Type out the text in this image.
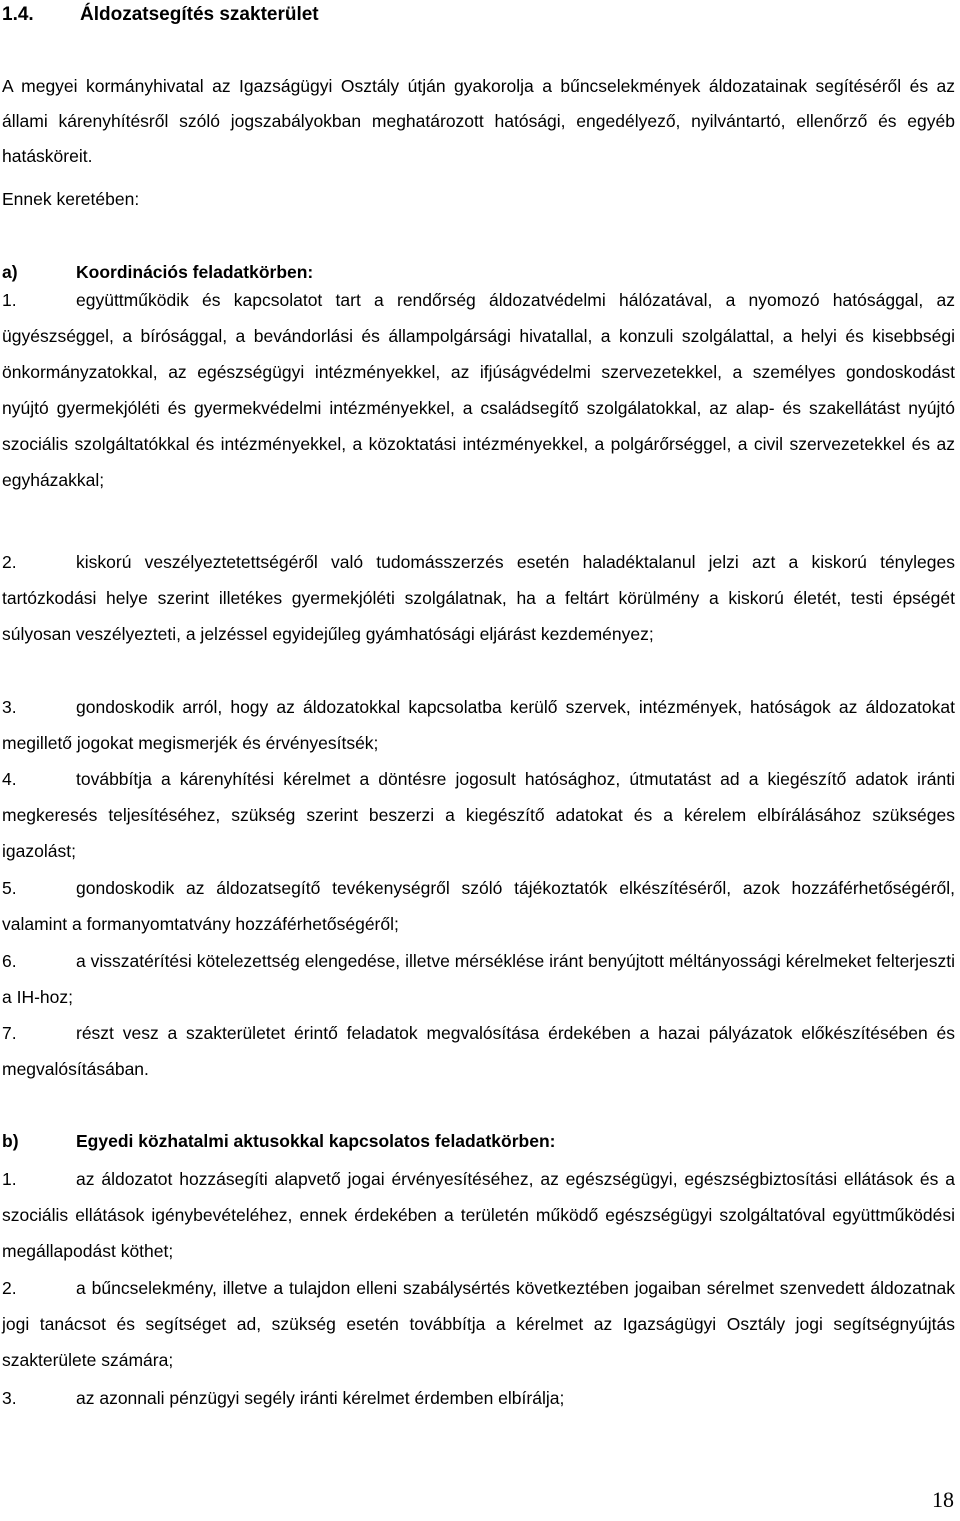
1.4. Áldozatsegítés szakterület
A megyei kormányhivatal az Igazságügyi Osztály útján gyakorolja a bűncselekmények áldozatainak segítéséről és az állami kárenyhítésről szóló jogszabályokban meghatározott hatósági, engedélyező, nyilvántartó, ellenőrző és egyéb hatásköreit.
Ennek keretében:
a)	Koordinációs feladatkörben:
1.	együttműködik és kapcsolatot tart a rendőrség áldozatvédelmi hálózatával, a nyomozó hatósággal, az ügyészséggel, a bírósággal, a bevándorlási és állampolgársági hivatallal, a konzuli szolgálattal, a helyi és kisebbségi önkormányzatokkal, az egészségügyi intézményekkel, az ifjúságvédelmi szervezetekkel, a személyes gondoskodást nyújtó gyermekjóléti és gyermekvédelmi intézményekkel, a családsegítő szolgálatokkal, az alap- és szakellátást nyújtó szociális szolgáltatókkal és intézményekkel, a közoktatási intézményekkel, a polgárőrséggel, a civil szervezetekkel és az egyházakkal;
2.	kiskorú veszélyeztetettségéről való tudomásszerzés esetén haladéktalanul jelzi azt a kiskorú tényleges tartózkodási helye szerint illetékes gyermekjóléti szolgálatnak, ha a feltárt körülmény a kiskorú életét, testi épségét súlyosan veszélyezteti, a jelzéssel egyidejűleg gyámhatósági eljárást kezdeményez;
3.	gondoskodik arról, hogy az áldozatokkal kapcsolatba kerülő szervek, intézmények, hatóságok az áldozatokat megillető jogokat megismerjék és érvényesítsék;
4.	továbbítja a kárenyhítési kérelmet a döntésre jogosult hatósághoz, útmutatást ad a kiegészítő adatok iránti megkeresés teljesítéséhez, szükség szerint beszerzi a kiegészítő adatokat és a kérelem elbírálásához szükséges igazolást;
5.	gondoskodik az áldozatsegítő tevékenységről szóló tájékoztatók elkészítéséről, azok hozzáférhetőségéről, valamint a formanyomtatvány hozzáférhetőségéről;
6.	a visszatérítési kötelezettség elengedése, illetve mérséklése iránt benyújtott méltányossági kérelmeket felterjeszti a IH-hoz;
7.	részt vesz a szakterületet érintő feladatok megvalósítása érdekében a hazai pályázatok előkészítésében és megvalósításában.
b)	Egyedi közhatalmi aktusokkal kapcsolatos feladatkörben:
1.	az áldozatot hozzásegíti alapvető jogai érvényesítéséhez, az egészségügyi, egészségbiztosítási ellátások és a szociális ellátások igénybevételéhez, ennek érdekében a területén működő egészségügyi szolgáltatóval együttműködési megállapodást köthet;
2.	a bűncselekmény, illetve a tulajdon elleni szabálysértés következtében jogaiban sérelmet szenvedett áldozatnak jogi tanácsot és segítséget ad, szükség esetén továbbítja a kérelmet az Igazságügyi Osztály jogi segítségnyújtás szakterülete számára;
3.	az azonnali pénzügyi segély iránti kérelmet érdemben elbírálja;
18
